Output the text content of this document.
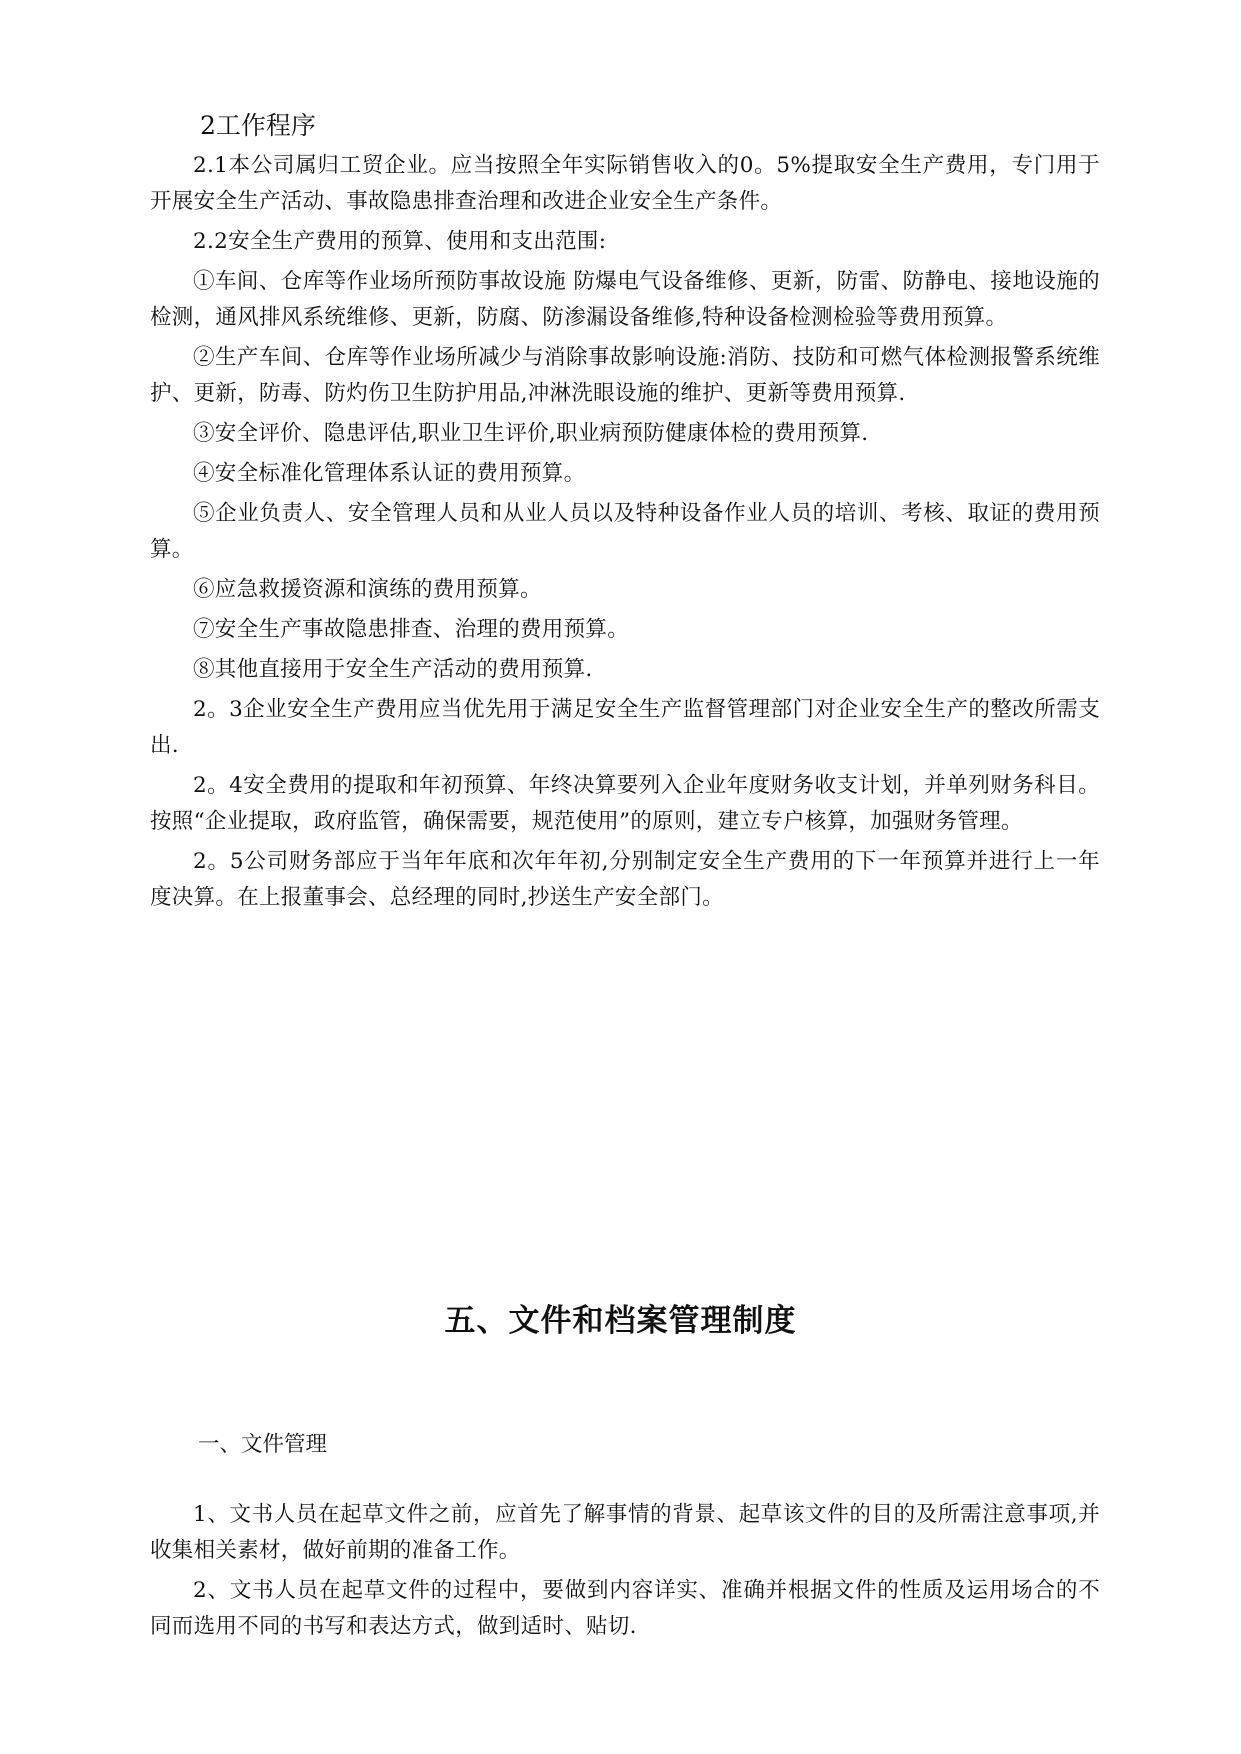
2工作程序

2.1本公司属归工贸企业。应当按照全年实际销售收入的0。5%提取安全生产费用，专门用于开展安全生产活动、事故隐患排查治理和改进企业安全生产条件。

2.2安全生产费用的预算、使用和支出范围:

①车间、仓库等作业场所预防事故设施 防爆电气设备维修、更新，防雷、防静电、接地设施的检测，通风排风系统维修、更新，防腐、防渗漏设备维修,特种设备检测检验等费用预算。

②生产车间、仓库等作业场所减少与消除事故影响设施:消防、技防和可燃气体检测报警系统维护、更新，防毒、防灼伤卫生防护用品,冲淋洗眼设施的维护、更新等费用预算.

③安全评价、隐患评估,职业卫生评价,职业病预防健康体检的费用预算.

④安全标准化管理体系认证的费用预算。

⑤企业负责人、安全管理人员和从业人员以及特种设备作业人员的培训、考核、取证的费用预算。

⑥应急救援资源和演练的费用预算。

⑦安全生产事故隐患排查、治理的费用预算。

⑧其他直接用于安全生产活动的费用预算.

2。3企业安全生产费用应当优先用于满足安全生产监督管理部门对企业安全生产的整改所需支出.

2。4安全费用的提取和年初预算、年终决算要列入企业年度财务收支计划，并单列财务科目。按照“企业提取，政府监管，确保需要，规范使用”的原则，建立专户核算，加强财务管理。

2。5公司财务部应于当年年底和次年年初,分别制定安全生产费用的下一年预算并进行上一年度决算。在上报董事会、总经理的同时,抄送生产安全部门。

五、文件和档案管理制度
一、文件管理

1、文书人员在起草文件之前，应首先了解事情的背景、起草该文件的目的及所需注意事项,并收集相关素材，做好前期的准备工作。

2、文书人员在起草文件的过程中，要做到内容详实、准确并根据文件的性质及运用场合的不同而选用不同的书写和表达方式，做到适时、贴切.
